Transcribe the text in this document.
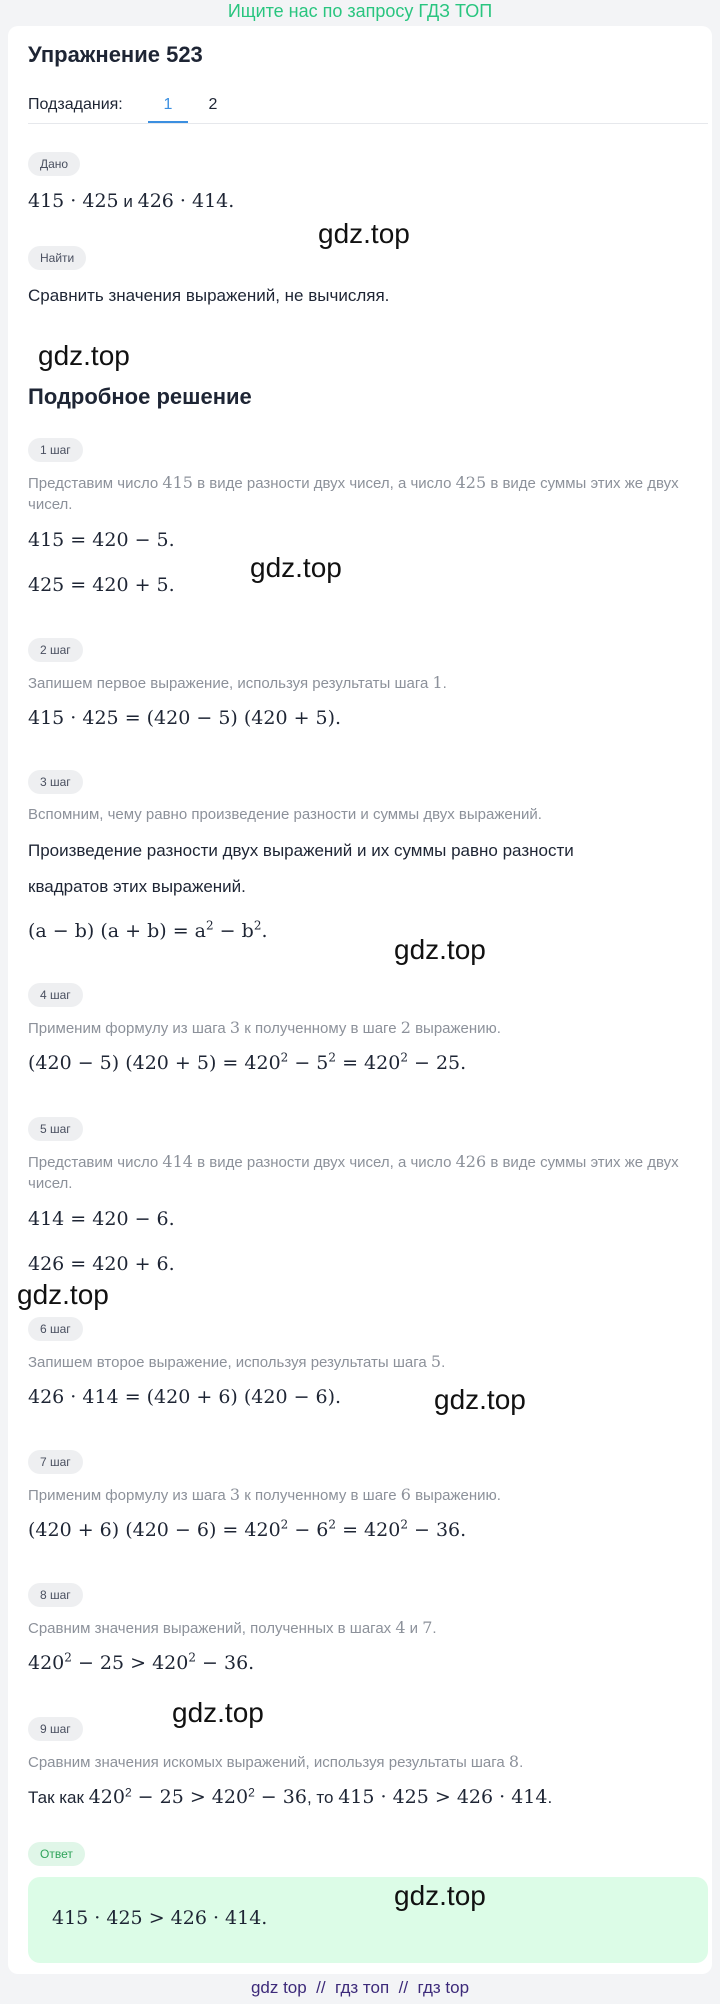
Ищите нас по запросу ГДЗ ТОП
Упражнение 523
Подзадания:	1	2
Дано
415 · 425 и 426 · 414.
Найти
Сравнить значения выражений, не вычисляя.
Подробное решение
1 шаг
Представим число 415 в виде разности двух чисел, а число 425 в виде суммы этих же двух чисел.
415 = 420 − 5.
425 = 420 + 5.
2 шаг
Запишем первое выражение, используя результаты шага 1.
415 · 425 = (420 − 5) (420 + 5).
3 шаг
Вспомним, чему равно произведение разности и суммы двух выражений.
Произведение разности двух выражений и их суммы равно разности
квадратов этих выражений.
(a − b) $(a + b) = a^2 - b^2$.
4 шаг
Применим формулу из шага 3 к полученному в шаге 2 выражению.
(420 − 5) $(420 + 5) = 420^2 - 5^2 = 420^2 - 25$.
5 шаг
Представим число 414 в виде разности двух чисел, а число 426 в виде суммы этих же двух чисел.
414 = 420 − 6.
426 = 420 + 6.
6 шаг
Запишем второе выражение, используя результаты шага 5.
426 · 414 = (420 + 6) (420 − 6).
7 шаг
Применим формулу из шага 3 к полученному в шаге 6 выражению.
(420 + 6) $(420 - 6) = 420^2 - 6^2 = 420^2 - 36$.
8 шаг
Сравним значения выражений, полученных в шагах 4 и 7.
$420^2 - 25 > 420^2 - 36$.
9 шаг
Сравним значения искомых выражений, используя результаты шага 8.
Так как $420^2 - 25 > 420^2 - 36$, то 415 · 425 > 426 · 414.
Ответ
415 · 425 > 426 · 414.
gdz.top
gdz.top
gdz.top
gdz.top
gdz.top
gdz.top
gdz.top
gdz.top
gdz top  //  гдз топ  //  гдз top
